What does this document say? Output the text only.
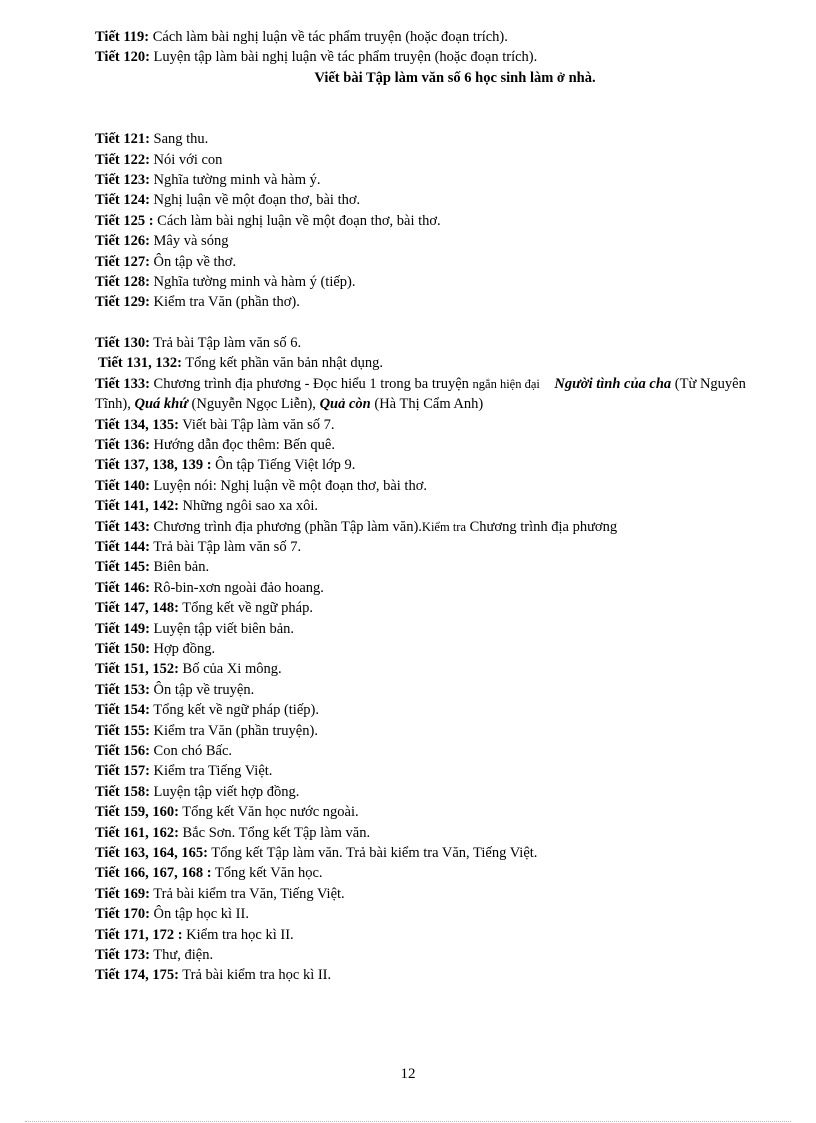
Tiết 119: Cách làm bài nghị luận về tác phẩm truyện (hoặc đoạn trích).
Tiết 120: Luyện tập làm bài nghị luận về tác phẩm truyện (hoặc đoạn trích).
Viết bài Tập làm văn số 6 học sinh làm ở nhà.
Tiết 121: Sang thu.
Tiết 122: Nói với con
Tiết 123: Nghĩa tường minh và hàm ý.
Tiết 124: Nghị luận về một đoạn thơ, bài thơ.
Tiết 125 : Cách làm bài nghị luận về một đoạn thơ, bài thơ.
Tiết 126: Mây và sóng
Tiết 127: Ôn tập về thơ.
Tiết 128: Nghĩa tường minh và hàm ý (tiếp).
Tiết 129: Kiểm tra Văn (phần thơ).
Tiết 130: Trả bài Tập làm văn số 6.
Tiết 131, 132: Tổng kết phần văn bản nhật dụng.
Tiết 133: Chương trình địa phương - Đọc hiểu 1 trong ba truyện ngắn hiện đại Người tình của cha (Từ Nguyên Tĩnh), Quá khứ (Nguyễn Ngọc Liễn), Quả còn (Hà Thị Cẩm Anh)
Tiết 134, 135: Viết bài Tập làm văn số 7.
Tiết 136: Hướng dẫn đọc thêm: Bến quê.
Tiết 137, 138, 139 : Ôn tập Tiếng Việt lớp 9.
Tiết 140: Luyện nói: Nghị luận về một đoạn thơ, bài thơ.
Tiết 141, 142: Những ngôi sao xa xôi.
Tiết 143: Chương trình địa phương (phần Tập làm văn).Kiểm tra Chương trình địa phương
Tiết 144: Trả bài Tập làm văn số 7.
Tiết 145: Biên bản.
Tiết 146: Rô-bin-xơn ngoài đảo hoang.
Tiết 147, 148: Tổng kết về ngữ pháp.
Tiết 149: Luyện tập viết biên bản.
Tiết 150: Hợp đồng.
Tiết 151, 152: Bố của Xi mông.
Tiết 153: Ôn tập về truyện.
Tiết 154: Tổng kết về ngữ pháp (tiếp).
Tiết 155: Kiểm tra Văn (phần truyện).
Tiết 156: Con chó Bấc.
Tiết 157: Kiểm tra Tiếng Việt.
Tiết 158: Luyện tập viết hợp đồng.
Tiết 159, 160: Tổng kết Văn học nước ngoài.
Tiết 161, 162: Bắc Sơn. Tổng kết Tập làm văn.
Tiết 163, 164, 165: Tổng kết Tập làm văn. Trả bài kiểm tra Văn, Tiếng Việt.
Tiết 166, 167, 168 : Tổng kết Văn học.
Tiết 169: Trả bài kiểm tra Văn, Tiếng Việt.
Tiết 170: Ôn tập học kì II.
Tiết 171, 172 : Kiểm tra học kì II.
Tiết 173: Thư, điện.
Tiết 174, 175: Trả bài kiểm tra học kì II.
12
